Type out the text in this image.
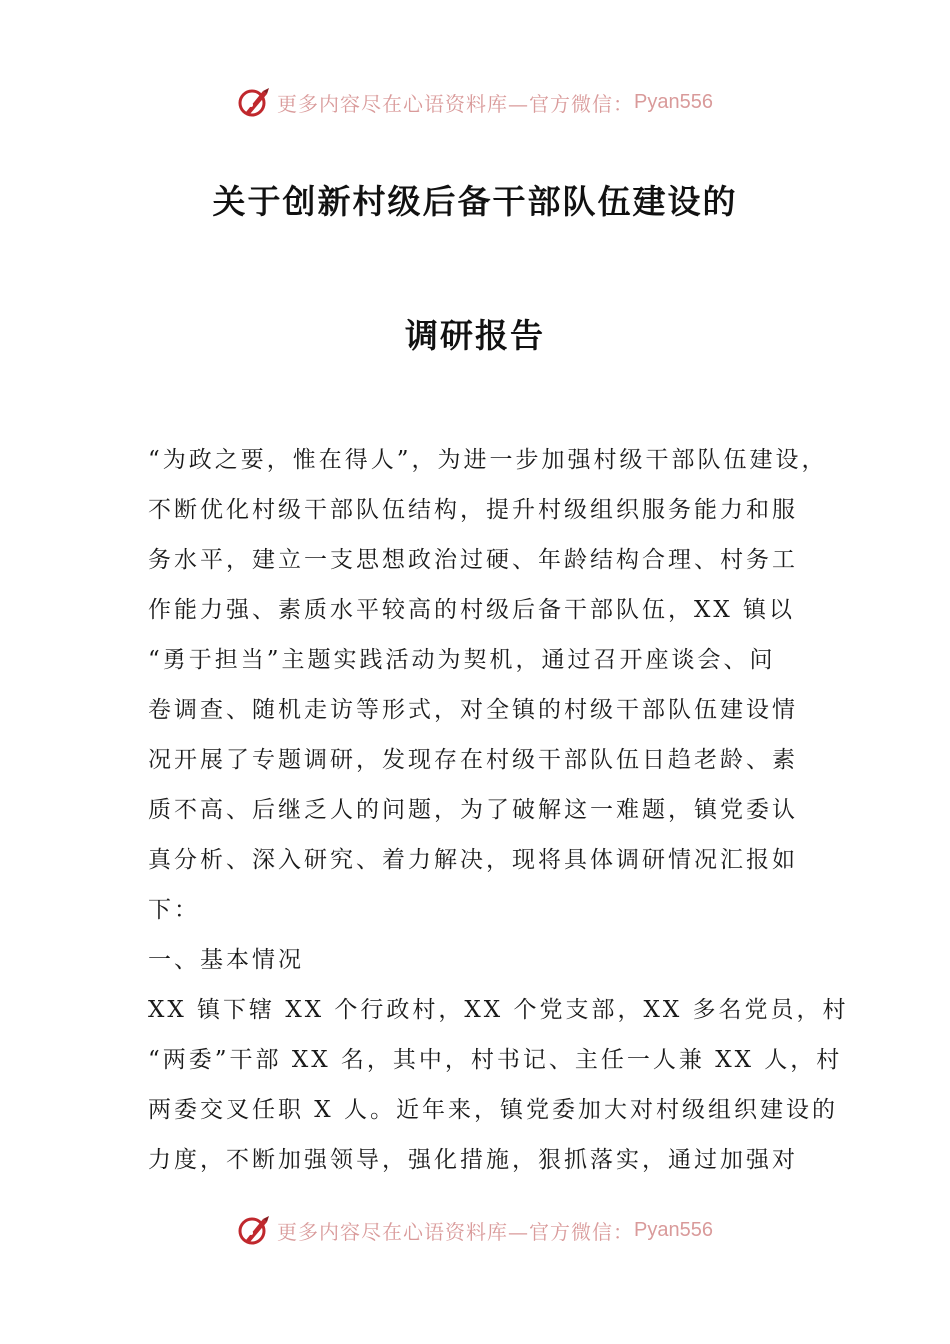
更多内容尽在心语资料库—官方微信： Pyan556
关于创新村级后备干部队伍建设的
调研报告
“为政之要，惟在得人”，为进一步加强村级干部队伍建设，
不断优化村级干部队伍结构，提升村级组织服务能力和服
务水平，建立一支思想政治过硬、年龄结构合理、村务工
作能力强、素质水平较高的村级后备干部队伍，XX 镇以
“勇于担当”主题实践活动为契机，通过召开座谈会、问
卷调查、随机走访等形式，对全镇的村级干部队伍建设情
况开展了专题调研，发现存在村级干部队伍日趋老龄、素
质不高、后继乏人的问题，为了破解这一难题，镇党委认
真分析、深入研究、着力解决，现将具体调研情况汇报如
下：
一、基本情况
XX 镇下辖 XX 个行政村，XX 个党支部，XX 多名党员，村
“两委”干部 XX 名，其中，村书记、主任一人兼 XX 人，村
两委交叉任职 X 人。近年来，镇党委加大对村级组织建设的
力度，不断加强领导，强化措施，狠抓落实，通过加强对
更多内容尽在心语资料库—官方微信： Pyan556
